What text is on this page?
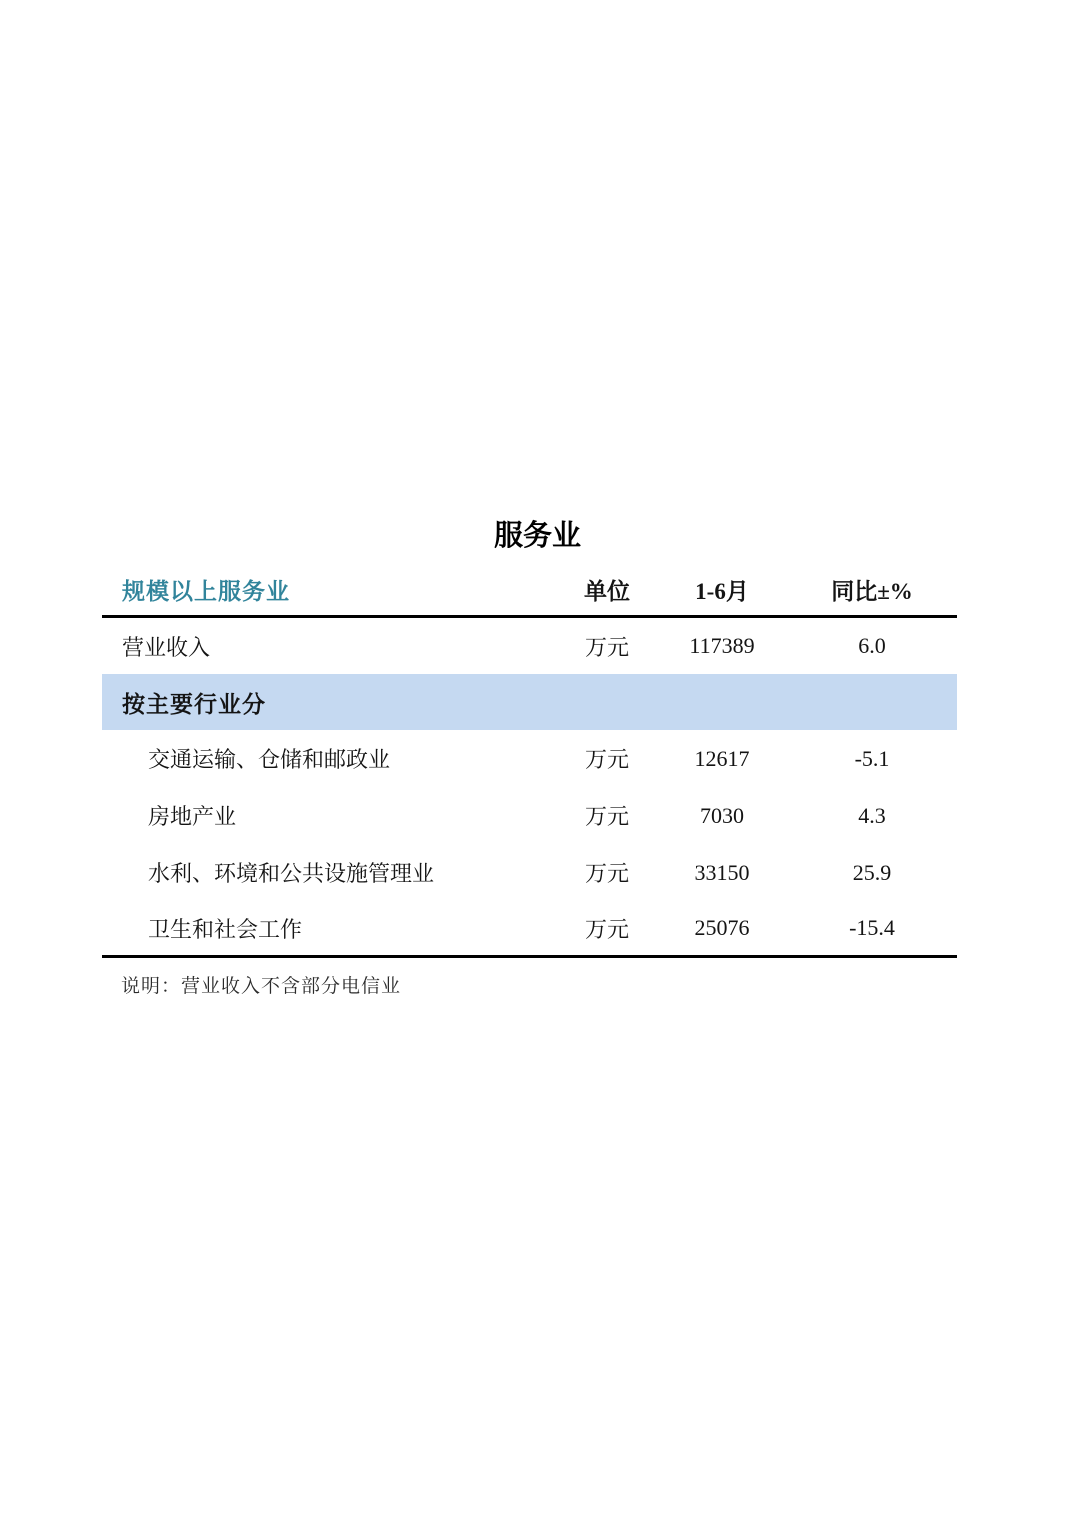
服务业
规模以上服务业	单位	1-6月	同比±%
营业收入	万元	117389	6.0
按主要行业分
交通运输、仓储和邮政业	万元	12617	-5.1
房地产业	万元	7030	4.3
水利、环境和公共设施管理业	万元	33150	25.9
卫生和社会工作	万元	25076	-15.4
说明：营业收入不含部分电信业
